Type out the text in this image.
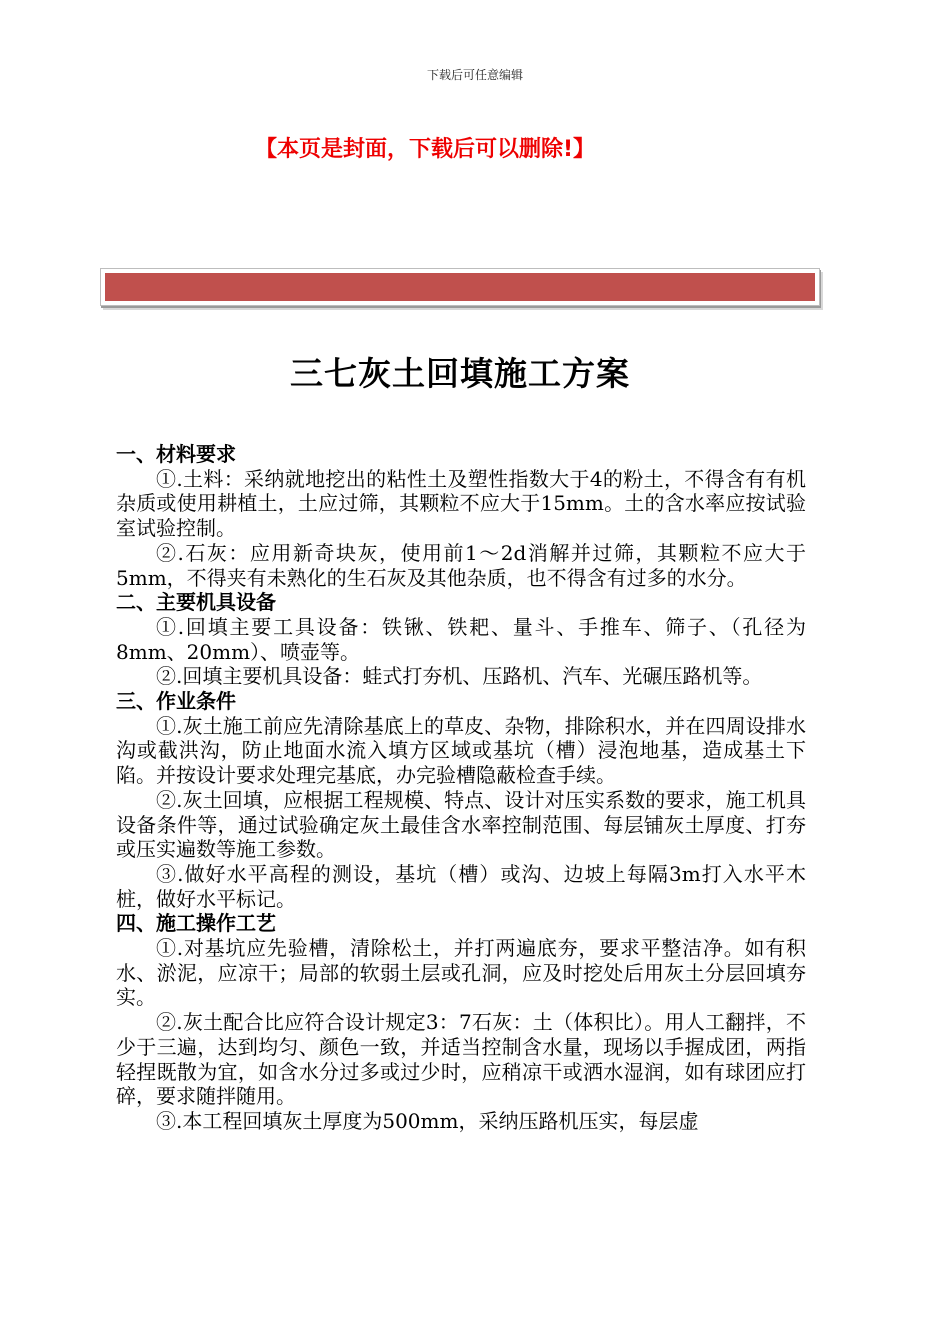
下载后可任意编辑
【本页是封面，下载后可以删除!】
三七灰土回填施工方案

一、材料要求

①.土料：采纳就地挖出的粘性土及塑性指数大于4的粉土，不得含有有机杂质或使用耕植土，土应过筛，其颗粒不应大于15mm。土的含水率应按试验室试验控制。

②.石灰：应用新奇块灰，使用前1～2d消解并过筛，其颗粒不应大于5mm，不得夹有未熟化的生石灰及其他杂质，也不得含有过多的水分。

二、主要机具设备

①.回填主要工具设备：铁锹、铁耙、量斗、手推车、筛子、（孔径为8mm、20mm）、喷壶等。

②.回填主要机具设备：蛙式打夯机、压路机、汽车、光碾压路机等。

三、作业条件

①.灰土施工前应先清除基底上的草皮、杂物，排除积水，并在四周设排水沟或截洪沟，防止地面水流入填方区域或基坑（槽）浸泡地基，造成基土下陷。并按设计要求处理完基底，办完验槽隐蔽检查手续。

②.灰土回填，应根据工程规模、特点、设计对压实系数的要求，施工机具设备条件等，通过试验确定灰土最佳含水率控制范围、每层铺灰土厚度、打夯或压实遍数等施工参数。

③.做好水平高程的测设，基坑（槽）或沟、边坡上每隔3m打入水平木桩，做好水平标记。

四、施工操作工艺

①.对基坑应先验槽，清除松土，并打两遍底夯，要求平整洁净。如有积水、淤泥，应凉干；局部的软弱土层或孔洞，应及时挖处后用灰土分层回填夯实。

②.灰土配合比应符合设计规定3：7石灰：土（体积比）。用人工翻拌，不少于三遍，达到均匀、颜色一致，并适当控制含水量，现场以手握成团，两指轻捏既散为宜，如含水分过多或过少时，应稍凉干或洒水湿润，如有球团应打碎，要求随拌随用。

③.本工程回填灰土厚度为500mm，采纳压路机压实，每层虚
